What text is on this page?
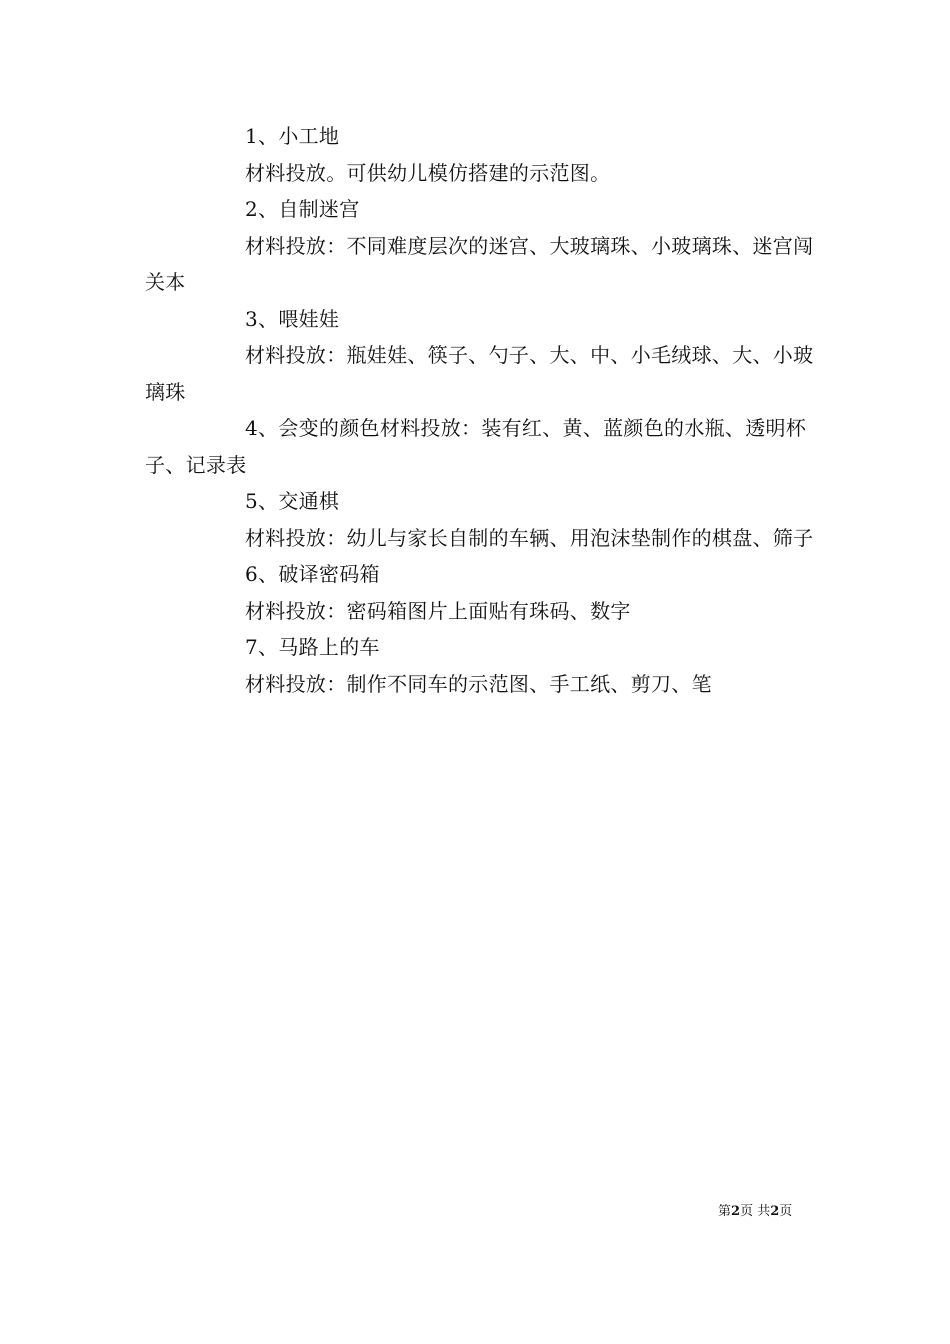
1、小工地

材料投放。可供幼儿模仿搭建的示范图。

2、自制迷宫

材料投放：不同难度层次的迷宫、大玻璃珠、小玻璃珠、迷宫闯关本

3、喂娃娃

材料投放：瓶娃娃、筷子、勺子、大、中、小毛绒球、大、小玻璃珠

4、会变的颜色材料投放：装有红、黄、蓝颜色的水瓶、透明杯子、记录表

5、交通棋

材料投放：幼儿与家长自制的车辆、用泡沫垫制作的棋盘、筛子

6、破译密码箱

材料投放：密码箱图片上面贴有珠码、数字

7、马路上的车

材料投放：制作不同车的示范图、手工纸、剪刀、笔

第2页 共2页
